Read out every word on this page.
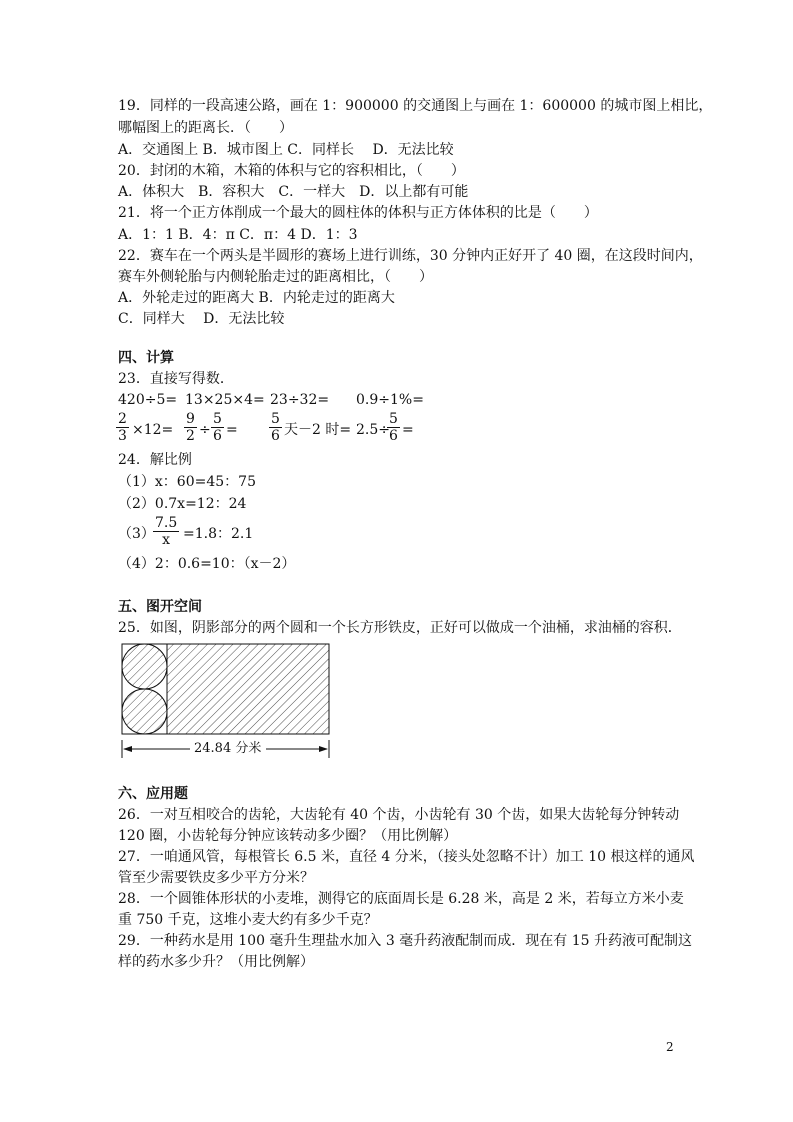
19．同样的一段高速公路，画在 1：900000 的交通图上与画在 1：600000 的城市图上相比，
哪幅图上的距离长．（　　）
A．交通图上 B．城市图上 C．同样长　 D．无法比较
20．封闭的木箱，木箱的体积与它的容积相比，（　　）
A．体积大　B．容积大　C．一样大　D．以上都有可能
21．将一个正方体削成一个最大的圆柱体的体积与正方体体积的比是（　　）
A．1：1 B．4：π C．π：4 D．1：3
22．赛车在一个两头是半圆形的赛场上进行训练，30 分钟内正好开了 40 圈，在这段时间内，
赛车外侧轮胎与内侧轮胎走过的距离相比，（　　）
A．外轮走过的距离大 B．内轮走过的距离大
C．同样大　 D．无法比较
四、计算
23．直接写得数．
420÷5= 13×25×4= 23÷32= 0.9÷1%=
2
3 ×12=
9
2 ÷
5
6 =
5
6 天－2 时= 2.5÷
5
6 =
24．解比例
（1）x：60=45：75
（2）0.7x=12：24
（3）
7.5
x =1.8：2.1
（4）2：0.6=10：（x－2）
五、图开空间
25．如图，阴影部分的两个圆和一个长方形铁皮，正好可以做成一个油桶，求油桶的容积．
24.84 分米
六、应用题
26．一对互相咬合的齿轮，大齿轮有 40 个齿，小齿轮有 30 个齿，如果大齿轮每分钟转动
120 圈，小齿轮每分钟应该转动多少圈？（用比例解）
27．一咱通风管，每根管长 6.5 米，直径 4 分米，（接头处忽略不计）加工 10 根这样的通风
管至少需要铁皮多少平方分米？
28．一个圆锥体形状的小麦堆，测得它的底面周长是 6.28 米，高是 2 米，若每立方米小麦
重 750 千克，这堆小麦大约有多少千克？
29．一种药水是用 100 毫升生理盐水加入 3 毫升药液配制而成．现在有 15 升药液可配制这
样的药水多少升？（用比例解）
2
